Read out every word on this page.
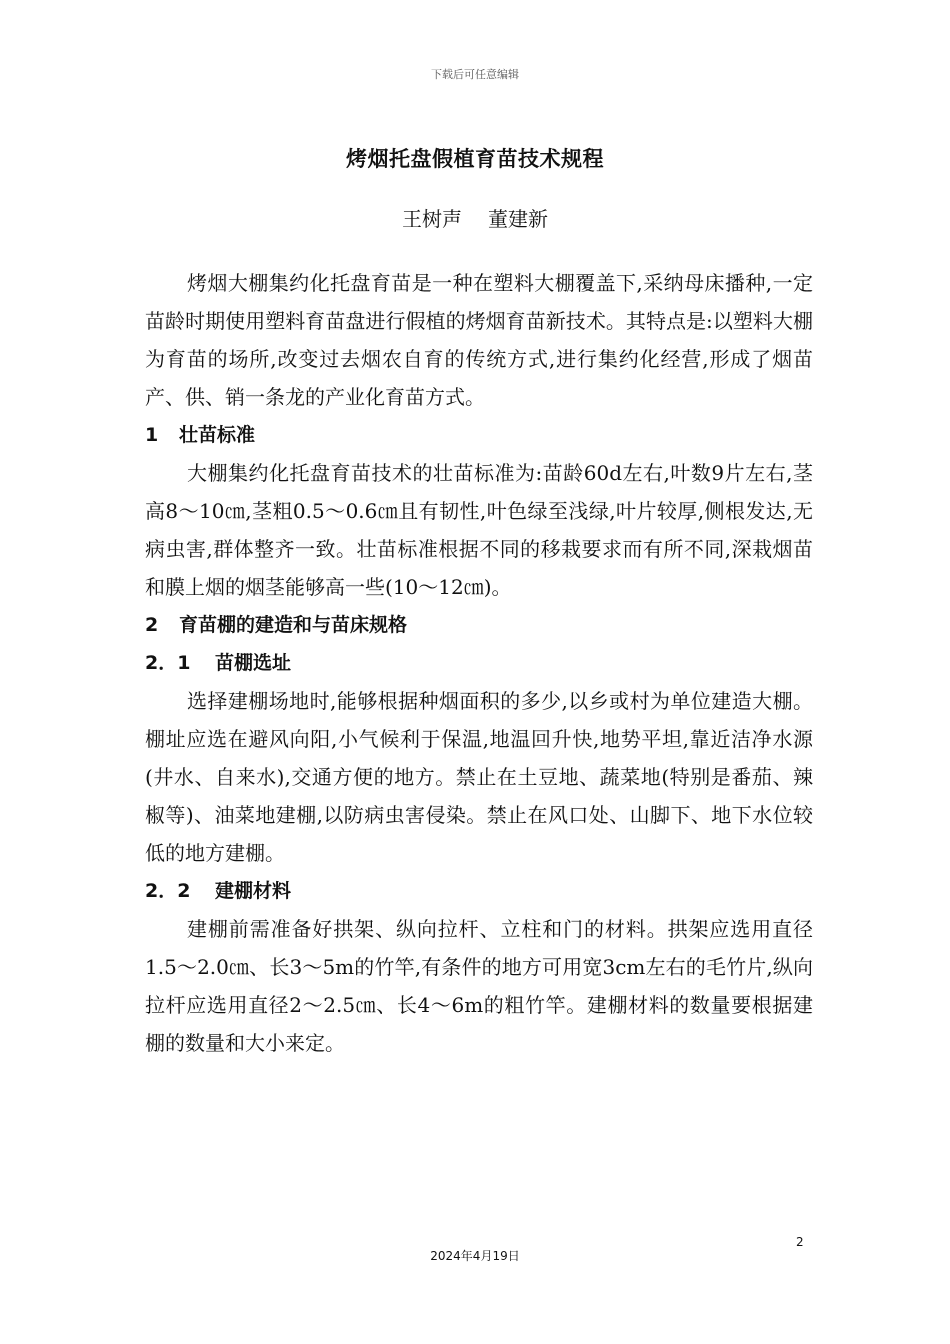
下载后可任意编辑
烤烟托盘假植育苗技术规程
王树声 董建新

烤烟大棚集约化托盘育苗是一种在塑料大棚覆盖下,采纳母床播种,一定苗龄时期使用塑料育苗盘进行假植的烤烟育苗新技术。其特点是:以塑料大棚为育苗的场所,改变过去烟农自育的传统方式,进行集约化经营,形成了烟苗产、供、销一条龙的产业化育苗方式。

1 壮苗标准

大棚集约化托盘育苗技术的壮苗标准为:苗龄60d左右,叶数9片左右,茎高8～10㎝,茎粗0.5～0.6㎝且有韧性,叶色绿至浅绿,叶片较厚,侧根发达,无病虫害,群体整齐一致。壮苗标准根据不同的移栽要求而有所不同,深栽烟苗和膜上烟的烟茎能够高一些(10～12㎝)。

2 育苗棚的建造和与苗床规格

2．1 苗棚选址

选择建棚场地时,能够根据种烟面积的多少,以乡或村为单位建造大棚。棚址应选在避风向阳,小气候利于保温,地温回升快,地势平坦,靠近洁净水源(井水、自来水),交通方便的地方。禁止在土豆地、蔬菜地(特别是番茄、辣椒等)、油菜地建棚,以防病虫害侵染。禁止在风口处、山脚下、地下水位较低的地方建棚。

2．2 建棚材料

建棚前需准备好拱架、纵向拉杆、立柱和门的材料。拱架应选用直径1.5～2.0㎝、长3～5m的竹竿,有条件的地方可用宽3cm左右的毛竹片,纵向拉杆应选用直径2～2.5㎝、长4～6m的粗竹竿。建棚材料的数量要根据建棚的数量和大小来定。

2
2024年4月19日
